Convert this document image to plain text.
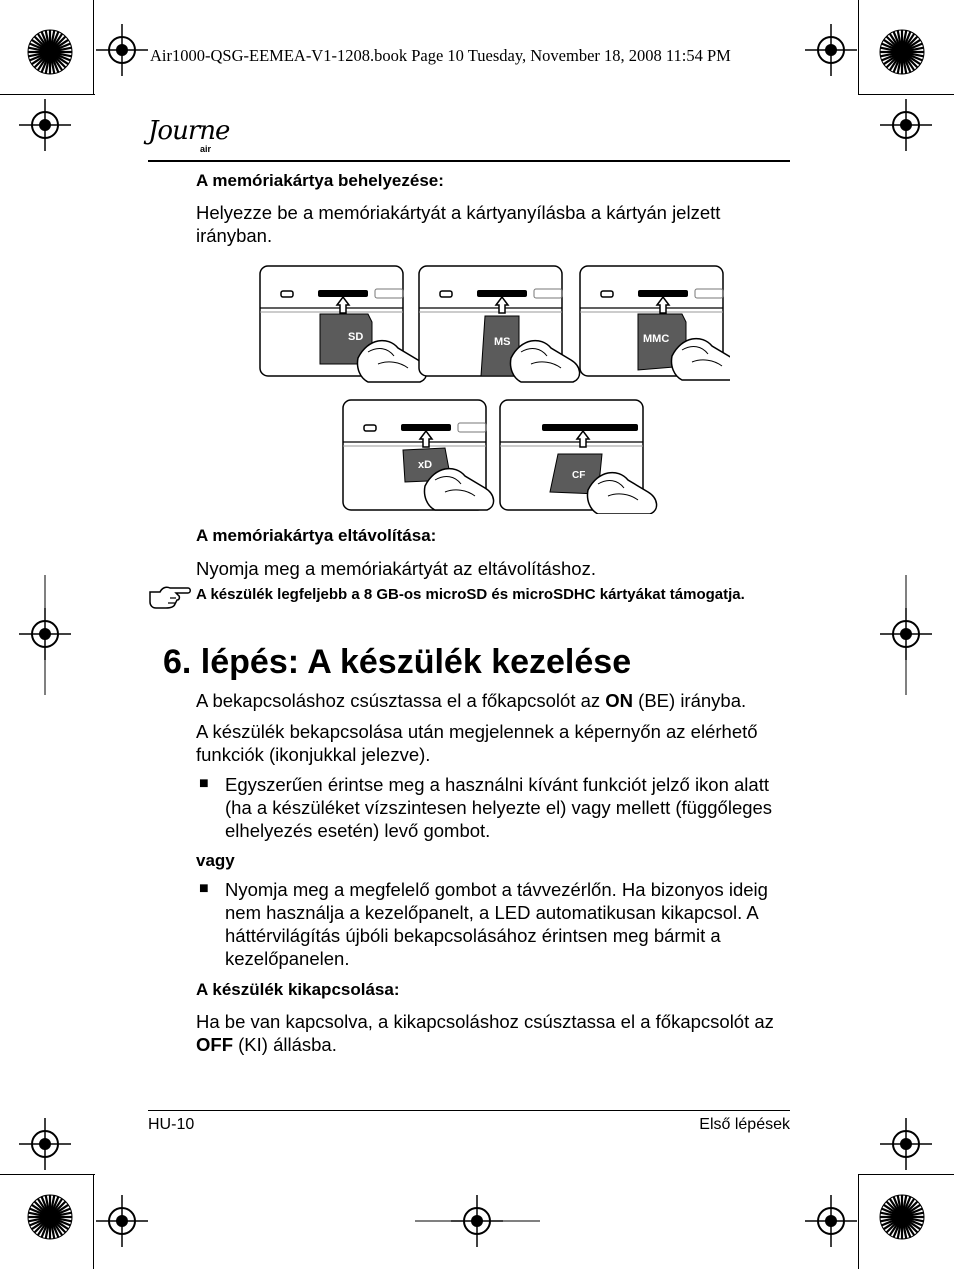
Air1000-QSG-EEMEA-V1-1208.book Page 10 Tuesday, November 18, 2008 11:54 PM
Journe
air
A memóriakártya behelyezése:
Helyezze be a memóriakártyát a kártyanyílásba a kártyán jelzett irányban.
SD	MS	MMC
xD
CF
A memóriakártya eltávolítása:
Nyomja meg a memóriakártyát az eltávolításhoz.
A készülék legfeljebb a 8 GB-os microSD és microSDHC kártyákat támogatja.
6. lépés: A készülék kezelése
A bekapcsoláshoz csúsztassa el a főkapcsolót az ON (BE) irányba.
A készülék bekapcsolása után megjelennek a képernyőn az elérhető funkciók (ikonjukkal jelezve).
■ Egyszerűen érintse meg a használni kívánt funkciót jelző ikon alatt (ha a készüléket vízszintesen helyezte el) vagy mellett (függőleges elhelyezés esetén) levő gombot.
vagy
■ Nyomja meg a megfelelő gombot a távvezérlőn. Ha bizonyos ideig nem használja a kezelőpanelt, a LED automatikusan kikapcsol. A háttérvilágítás újbóli bekapcsolásához érintsen meg bármit a kezelőpanelen.
A készülék kikapcsolása:
Ha be van kapcsolva, a kikapcsoláshoz csúsztassa el a főkapcsolót az OFF (KI) állásba.
HU-10	Első lépések
